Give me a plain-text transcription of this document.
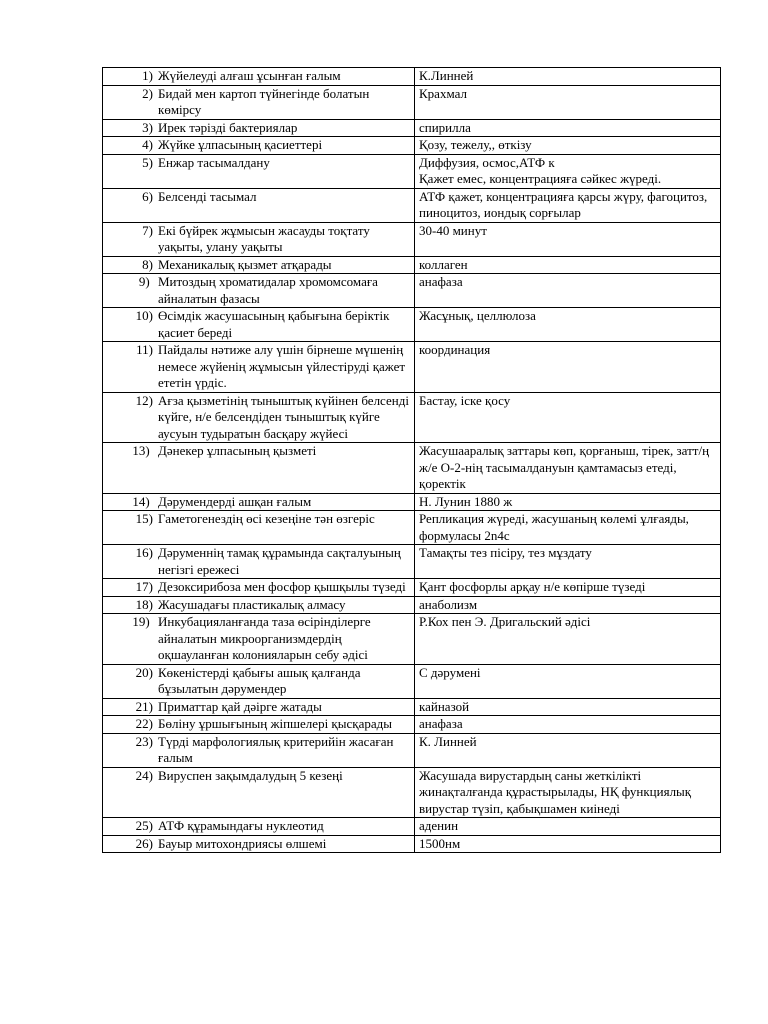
1) Жүйелеуді алғаш ұсынған ғалым	К.Линней

2) Бидай мен картоп түйнегінде болатын көмірсу	Крахмал

3) Ирек тәрізді бактериялар	спирилла

4) Жүйке ұлпасының қасиеттері	Қозу, тежелу,, өткізу

5) Енжар тасымалдану	Диффузия, осмос,АТФ к
Қажет емес, концентрацияға сәйкес жүреді.

6) Белсенді тасымал	АТФ қажет, концентрацияға қарсы жүру, фагоцитоз, пиноцитоз, иондық сорғылар

7) Екі бүйрек жұмысын жасауды тоқтату уақыты, улану уақыты	30-40 минут

8) Механикалық қызмет атқарады	коллаген

9) Митоздың хроматидалар хромомсомаға айналатын фазасы	анафаза

10) Өсімдік жасушасының қабығына беріктік қасиет береді	Жасұнық, целлюлоза

11) Пайдалы нәтиже алу үшін бірнеше мүшенің немесе жүйенің жұмысын үйлестіруді қажет ететін үрдіс.	координация

12) Ағза қызметінің тыныштық күйінен белсенді күйге, н/е белсендіден тыныштық күйге аусуын тудыратын басқару жүйесі	Бастау, іске қосу

13) Дәнекер ұлпасының қызметі	Жасушааралық заттары көп, қорғаныш, тірек, затт/ң ж/е О-2-нің тасымалдануын қамтамасыз етеді, қоректік

14) Дәрумендерді ашқан ғалым	Н. Лунин 1880 ж

15) Гаметогенездің өсі кезеңіне тән өзгеріс	Репликация жүреді, жасушаның көлемі ұлғаяды, формуласы 2n4c

16) Дәруменнің тамақ құрамында сақталуының негізгі ережесі	Тамақты тез пісіру, тез мұздату

17) Дезоксирибоза мен фосфор қышқылы түзеді	Қант фосфорлы арқау н/е көпірше түзеді

18) Жасушадағы пластикалық алмасу	анаболизм

19) Инкубацияланғанда таза өсірінділерге айналатын микроорганизмдердің оқшауланған колонияларын себу әдісі	Р.Кох пен Э. Дригальский әдісі

20) Көкеністерді қабығы ашық қалғанда бұзылатын дәрумендер	С дәрумені

21) Приматтар қай дәірге жатады	кайназой

22) Бөліну ұршығының жіпшелері қысқарады	анафаза

23) Түрді марфологиялық критерийін жасаған ғалым	К. Линней

24) Вируспен зақымдалудың 5 кезеңі	Жасушада вирустардың саны жеткілікті жинақталғанда құрастырылады, НҚ функциялық вирустар түзіп, қабықшамен киінеді

25) АТФ құрамындағы нуклеотид	аденин

26) Бауыр митохондриясы өлшемі	1500нм
